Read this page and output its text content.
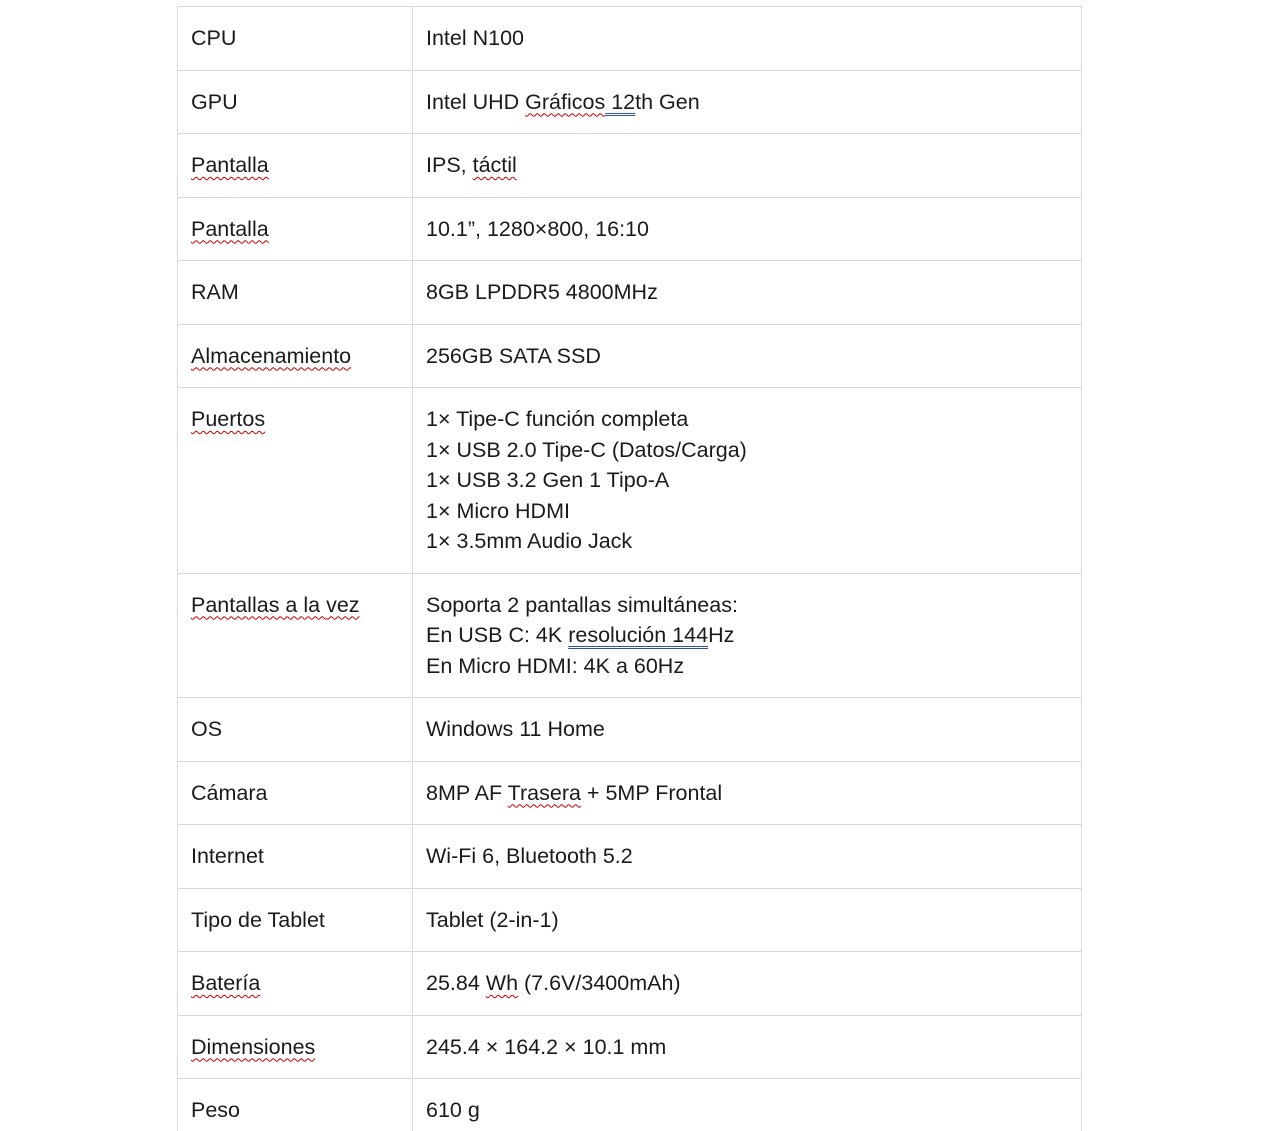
CPU	Intel N100

GPU	Intel UHD Gráficos 12th Gen

Pantalla	IPS, táctil

Pantalla	10.1”, 1280×800, 16:10

RAM	8GB LPDDR5 4800MHz

Almacenamiento	256GB SATA SSD

Puertos	1× Tipe-C función completa
1× USB 2.0 Tipe-C (Datos/Carga)
1× USB 3.2 Gen 1 Tipo-A
1× Micro HDMI
1× 3.5mm Audio Jack

Pantallas a la vez	Soporta 2 pantallas simultáneas:
En USB C: 4K resolución 144Hz
En Micro HDMI: 4K a 60Hz

OS	Windows 11 Home

Cámara	8MP AF Trasera + 5MP Frontal

Internet	Wi-Fi 6, Bluetooth 5.2

Tipo de Tablet	Tablet (2-in-1)

Batería	25.84 Wh (7.6V/3400mAh)

Dimensiones	245.4 × 164.2 × 10.1 mm

Peso	610 g
